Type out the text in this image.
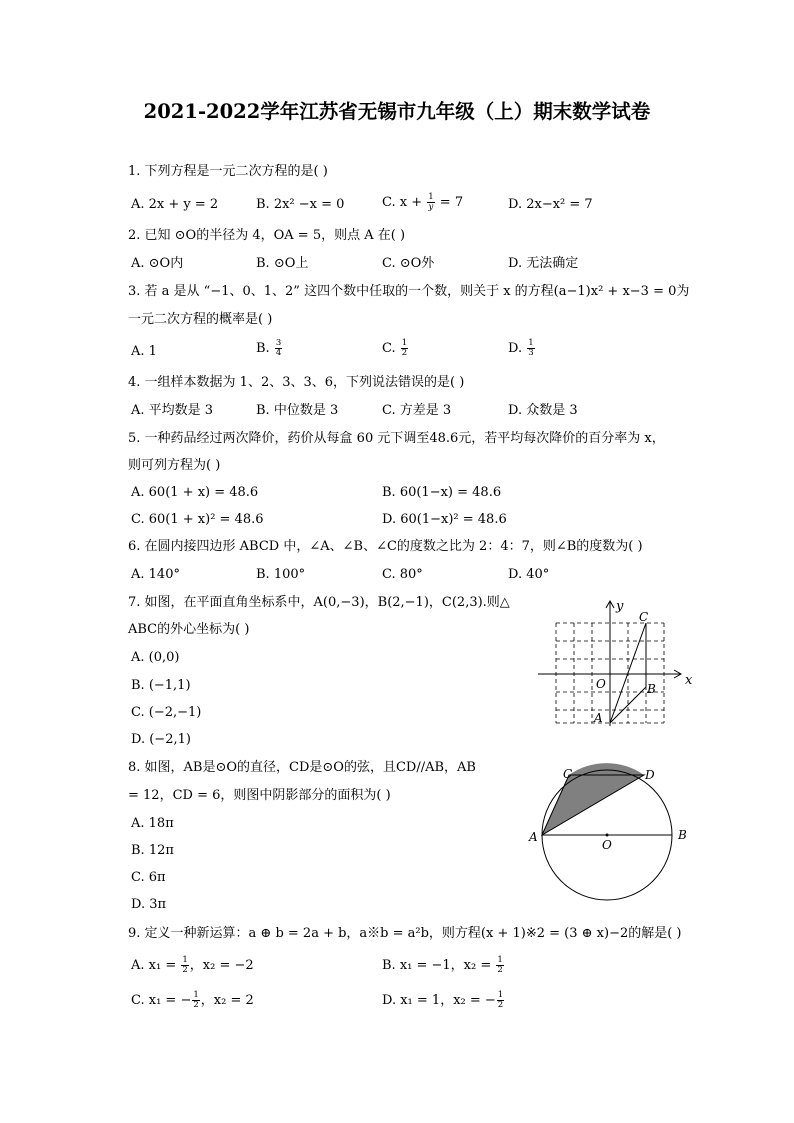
2021-2022学年江苏省无锡市九年级（上）期末数学试卷
1. 下列方程是一元二次方程的是( )
A. 2x + y = 2	B. 2x² −x = 0	C. $x + \frac{1}{y} = 7$	D. 2x−x² = 7
2. 已知 ⊙O的半径为 4，OA = 5，则点 A 在( )
A. ⊙O内	B. ⊙O上	C. ⊙O外	D. 无法确定
3. 若 a 是从 “−1、0、1、2” 这四个数中任取的一个数，则关于 x 的方程(a−1)x² + x−3 = 0为
一元二次方程的概率是( )
A. 1	B. $\frac{3}{4}$	C. $\frac{1}{2}$	D. $\frac{1}{3}$
4. 一组样本数据为 1、2、3、3、6，下列说法错误的是( )
A. 平均数是 3	B. 中位数是 3	C. 方差是 3	D. 众数是 3
5. 一种药品经过两次降价，药价从每盒 60 元下调至48.6元，若平均每次降价的百分率为 x，
则可列方程为( )
A. 60(1 + x) = 48.6	B. 60(1−x) = 48.6
C. 60(1 + x)² = 48.6	D. 60(1−x)² = 48.6
6. 在圆内接四边形 ABCD 中，∠A、∠B、∠C的度数之比为 2：4：7，则∠B的度数为( )
A. 140°	B. 100°	C. 80°	D. 40°
7. 如图，在平面直角坐标系中，A(0,−3)，B(2,−1)，C(2,3).则△
ABC的外心坐标为( )
A. (0,0)
B. (−1,1)
C. (−2,−1)
D. (−2,1)
x
y
O
A
B
C
8. 如图，AB是⊙O的直径，CD是⊙O的弦，且CD//AB，AB
= 12，CD = 6，则图中阴影部分的面积为( )
A. 18π
B. 12π
C. 6π
D. 3π
A	B
C	D
O
9. 定义一种新运算：a ⊕ b = 2a + b，a※b = a²b，则方程(x + 1)※2 = (3 ⊕ x)−2的解是( )
A. $x_1 = \frac{1}{2}$ ，x₂ = −2	B. x₁ = −1，$x_2 = \frac{1}{2}$
C. x₁ = − $\frac{1}{2}$ ，x₂ = 2	D. x₁ = 1，x₂ = − $\frac{1}{2}$
